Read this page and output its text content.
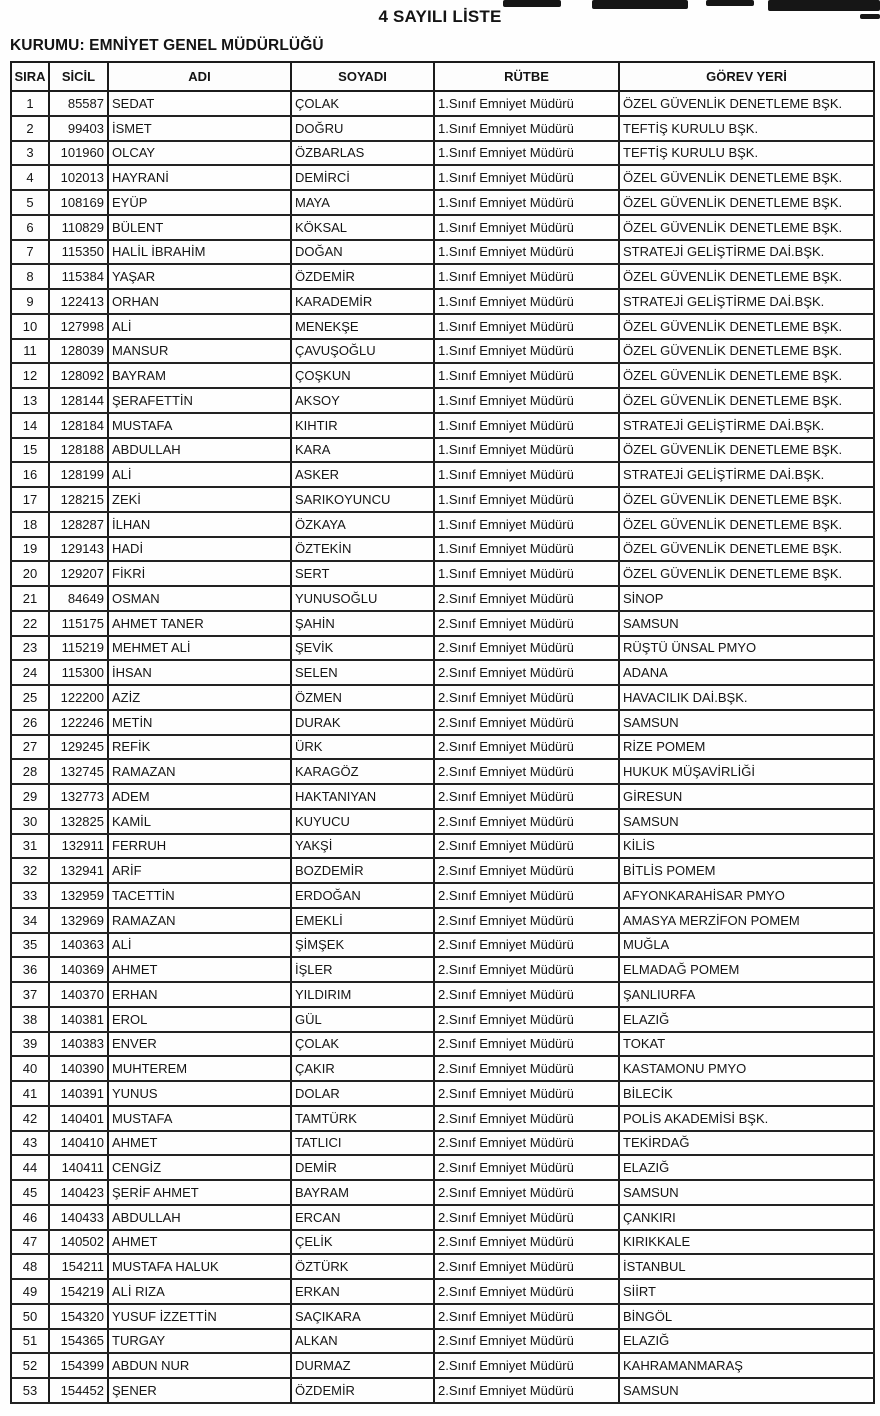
4 SAYILI LİSTE
KURUMU: EMNİYET GENEL MÜDÜRLÜĞÜ
SIRA	SİCİL	ADI	SOYADI	RÜTBE	GÖREV YERİ
1	85587	SEDAT	ÇOLAK	1.Sınıf Emniyet Müdürü	ÖZEL GÜVENLİK DENETLEME BŞK.
2	99403	İSMET	DOĞRU	1.Sınıf Emniyet Müdürü	TEFTİŞ KURULU BŞK.
3	101960	OLCAY	ÖZBARLAS	1.Sınıf Emniyet Müdürü	TEFTİŞ KURULU BŞK.
4	102013	HAYRANİ	DEMİRCİ	1.Sınıf Emniyet Müdürü	ÖZEL GÜVENLİK DENETLEME BŞK.
5	108169	EYÜP	MAYA	1.Sınıf Emniyet Müdürü	ÖZEL GÜVENLİK DENETLEME BŞK.
6	110829	BÜLENT	KÖKSAL	1.Sınıf Emniyet Müdürü	ÖZEL GÜVENLİK DENETLEME BŞK.
7	115350	HALİL İBRAHİM	DOĞAN	1.Sınıf Emniyet Müdürü	STRATEJİ GELİŞTİRME DAİ.BŞK.
8	115384	YAŞAR	ÖZDEMİR	1.Sınıf Emniyet Müdürü	ÖZEL GÜVENLİK DENETLEME BŞK.
9	122413	ORHAN	KARADEMİR	1.Sınıf Emniyet Müdürü	STRATEJİ GELİŞTİRME DAİ.BŞK.
10	127998	ALİ	MENEKŞE	1.Sınıf Emniyet Müdürü	ÖZEL GÜVENLİK DENETLEME BŞK.
11	128039	MANSUR	ÇAVUŞOĞLU	1.Sınıf Emniyet Müdürü	ÖZEL GÜVENLİK DENETLEME BŞK.
12	128092	BAYRAM	ÇOŞKUN	1.Sınıf Emniyet Müdürü	ÖZEL GÜVENLİK DENETLEME BŞK.
13	128144	ŞERAFETTİN	AKSOY	1.Sınıf Emniyet Müdürü	ÖZEL GÜVENLİK DENETLEME BŞK.
14	128184	MUSTAFA	KIHTIR	1.Sınıf Emniyet Müdürü	STRATEJİ GELİŞTİRME DAİ.BŞK.
15	128188	ABDULLAH	KARA	1.Sınıf Emniyet Müdürü	ÖZEL GÜVENLİK DENETLEME BŞK.
16	128199	ALİ	ASKER	1.Sınıf Emniyet Müdürü	STRATEJİ GELİŞTİRME DAİ.BŞK.
17	128215	ZEKİ	SARIKOYUNCU	1.Sınıf Emniyet Müdürü	ÖZEL GÜVENLİK DENETLEME BŞK.
18	128287	İLHAN	ÖZKAYA	1.Sınıf Emniyet Müdürü	ÖZEL GÜVENLİK DENETLEME BŞK.
19	129143	HADİ	ÖZTEKİN	1.Sınıf Emniyet Müdürü	ÖZEL GÜVENLİK DENETLEME BŞK.
20	129207	FİKRİ	SERT	1.Sınıf Emniyet Müdürü	ÖZEL GÜVENLİK DENETLEME BŞK.
21	84649	OSMAN	YUNUSOĞLU	2.Sınıf Emniyet Müdürü	SİNOP
22	115175	AHMET TANER	ŞAHİN	2.Sınıf Emniyet Müdürü	SAMSUN
23	115219	MEHMET ALİ	ŞEVİK	2.Sınıf Emniyet Müdürü	RÜŞTÜ ÜNSAL PMYO
24	115300	İHSAN	SELEN	2.Sınıf Emniyet Müdürü	ADANA
25	122200	AZİZ	ÖZMEN	2.Sınıf Emniyet Müdürü	HAVACILIK DAİ.BŞK.
26	122246	METİN	DURAK	2.Sınıf Emniyet Müdürü	SAMSUN
27	129245	REFİK	ÜRK	2.Sınıf Emniyet Müdürü	RİZE POMEM
28	132745	RAMAZAN	KARAGÖZ	2.Sınıf Emniyet Müdürü	HUKUK MÜŞAVİRLİĞİ
29	132773	ADEM	HAKTANIYAN	2.Sınıf Emniyet Müdürü	GİRESUN
30	132825	KAMİL	KUYUCU	2.Sınıf Emniyet Müdürü	SAMSUN
31	132911	FERRUH	YAKŞİ	2.Sınıf Emniyet Müdürü	KİLİS
32	132941	ARİF	BOZDEMİR	2.Sınıf Emniyet Müdürü	BİTLİS POMEM
33	132959	TACETTİN	ERDOĞAN	2.Sınıf Emniyet Müdürü	AFYONKARAHİSAR PMYO
34	132969	RAMAZAN	EMEKLİ	2.Sınıf Emniyet Müdürü	AMASYA MERZİFON POMEM
35	140363	ALİ	ŞİMŞEK	2.Sınıf Emniyet Müdürü	MUĞLA
36	140369	AHMET	İŞLER	2.Sınıf Emniyet Müdürü	ELMADAĞ POMEM
37	140370	ERHAN	YILDIRIM	2.Sınıf Emniyet Müdürü	ŞANLIURFA
38	140381	EROL	GÜL	2.Sınıf Emniyet Müdürü	ELAZIĞ
39	140383	ENVER	ÇOLAK	2.Sınıf Emniyet Müdürü	TOKAT
40	140390	MUHTEREM	ÇAKIR	2.Sınıf Emniyet Müdürü	KASTAMONU PMYO
41	140391	YUNUS	DOLAR	2.Sınıf Emniyet Müdürü	BİLECİK
42	140401	MUSTAFA	TAMTÜRK	2.Sınıf Emniyet Müdürü	POLİS AKADEMİSİ BŞK.
43	140410	AHMET	TATLICI	2.Sınıf Emniyet Müdürü	TEKİRDAĞ
44	140411	CENGİZ	DEMİR	2.Sınıf Emniyet Müdürü	ELAZIĞ
45	140423	ŞERİF AHMET	BAYRAM	2.Sınıf Emniyet Müdürü	SAMSUN
46	140433	ABDULLAH	ERCAN	2.Sınıf Emniyet Müdürü	ÇANKIRI
47	140502	AHMET	ÇELİK	2.Sınıf Emniyet Müdürü	KIRIKKALE
48	154211	MUSTAFA HALUK	ÖZTÜRK	2.Sınıf Emniyet Müdürü	İSTANBUL
49	154219	ALİ RIZA	ERKAN	2.Sınıf Emniyet Müdürü	SİİRT
50	154320	YUSUF İZZETTİN	SAÇIKARA	2.Sınıf Emniyet Müdürü	BİNGÖL
51	154365	TURGAY	ALKAN	2.Sınıf Emniyet Müdürü	ELAZIĞ
52	154399	ABDUN NUR	DURMAZ	2.Sınıf Emniyet Müdürü	KAHRAMANMARAŞ
53	154452	ŞENER	ÖZDEMİR	2.Sınıf Emniyet Müdürü	SAMSUN
